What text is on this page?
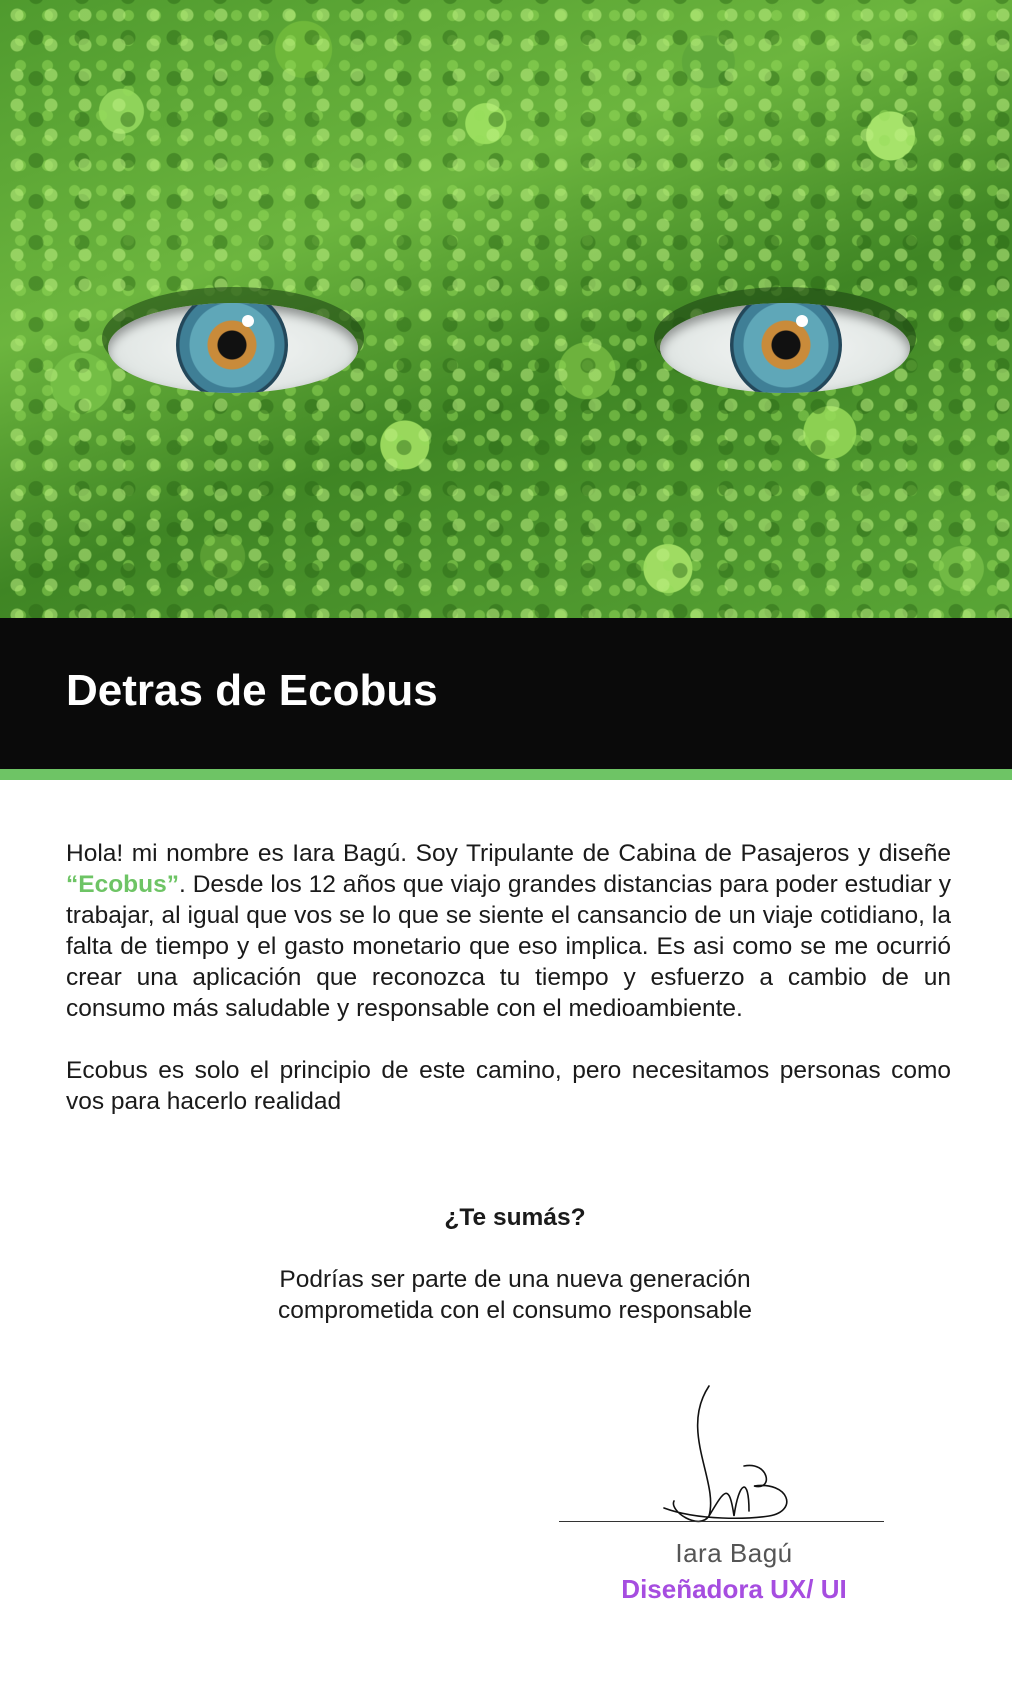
Detras de Ecobus

Hola! mi nombre es Iara Bagú. Soy Tripulante de Cabina de Pasajeros y diseñe “Ecobus”. Desde los 12 años que viajo grandes distancias para poder estudiar y trabajar, al igual que vos se lo que se siente el cansancio de un viaje cotidiano, la falta de tiempo y el gasto monetario que eso implica. Es asi como se me ocurrió crear una aplicación que reconozca tu tiempo y esfuerzo a cambio de un consumo más saludable y responsable con el medioambiente.

Ecobus es solo el principio de este camino, pero necesitamos personas como vos para hacerlo realidad

¿Te sumás?
Podrías ser parte de una nueva generación
comprometida con el consumo responsable
Iara Bagú
Diseñadora UX/ UI
